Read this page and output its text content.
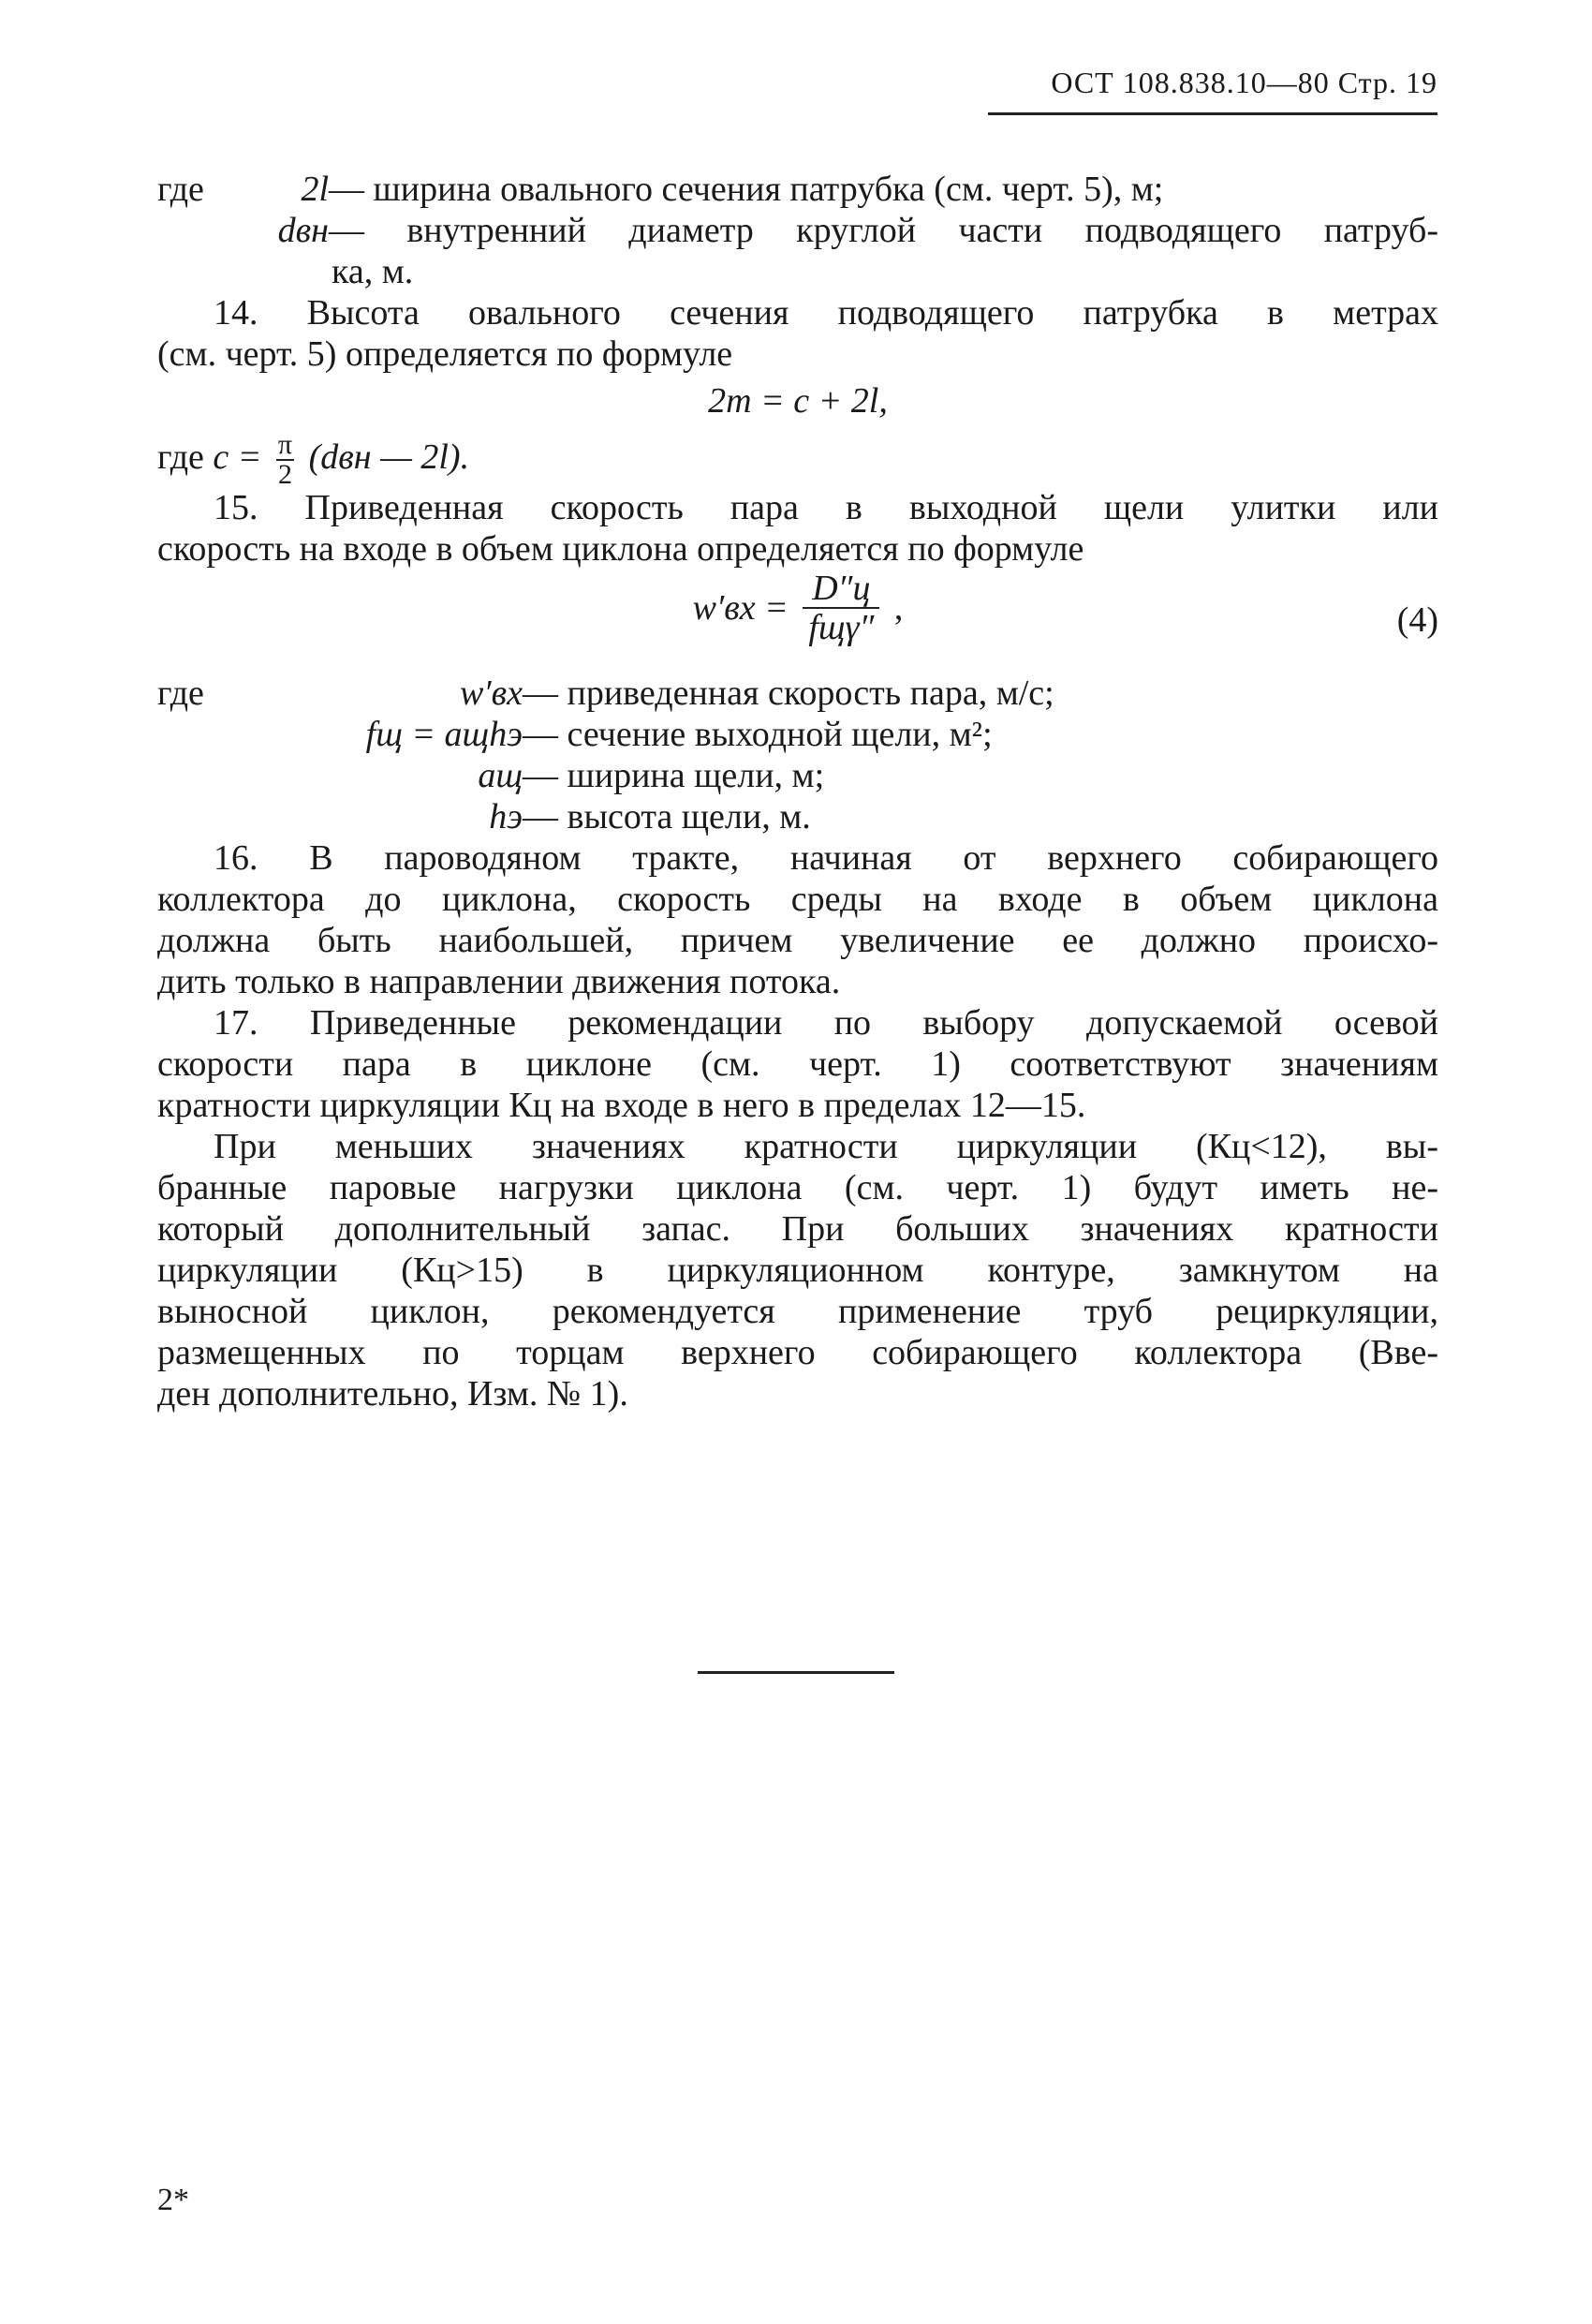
ОСТ 108.838.10—80 Стр. 19
где	2l — ширина овального сечения патрубка (см. черт. 5), м;
dвн — внутренний диаметр круглой части подводящего патруб-
ка, м.
14. Высота овального сечения подводящего патрубка в метрах
(см. черт. 5) определяется по формуле
2m = c + 2l,
где $c = \frac{\pi}{2} (dвн$ — 2l).
15. Приведенная скорость пара в выходной щели улитки или
скорость на входе в объем циклона определяется по формуле
$w'вх = \frac{D''ц}{\text{fщγ″}}$ ,	(4)
где	w′вх — приведенная скорость пара, м/с;
fщ = aщhэ — сечение выходной щели, м²;
aщ — ширина щели, м;
hэ — высота щели, м.
16. В пароводяном тракте, начиная от верхнего собирающего
коллектора до циклона, скорость среды на входе в объем циклона
должна быть наибольшей, причем увеличение ее должно происхо-
дить только в направлении движения потока.
17. Приведенные рекомендации по выбору допускаемой осевой
скорости пара в циклоне (см. черт. 1) соответствуют значениям
кратности циркуляции Кц на входе в него в пределах 12—15.
При меньших значениях кратности циркуляции (Кц<12), вы-
бранные паровые нагрузки циклона (см. черт. 1) будут иметь не-
который дополнительный запас. При больших значениях кратности
циркуляции (Кц>15) в циркуляционном контуре, замкнутом на
выносной циклон, рекомендуется применение труб рециркуляции,
размещенных по торцам верхнего собирающего коллектора (Вве-
ден дополнительно, Изм. № 1).
2*
